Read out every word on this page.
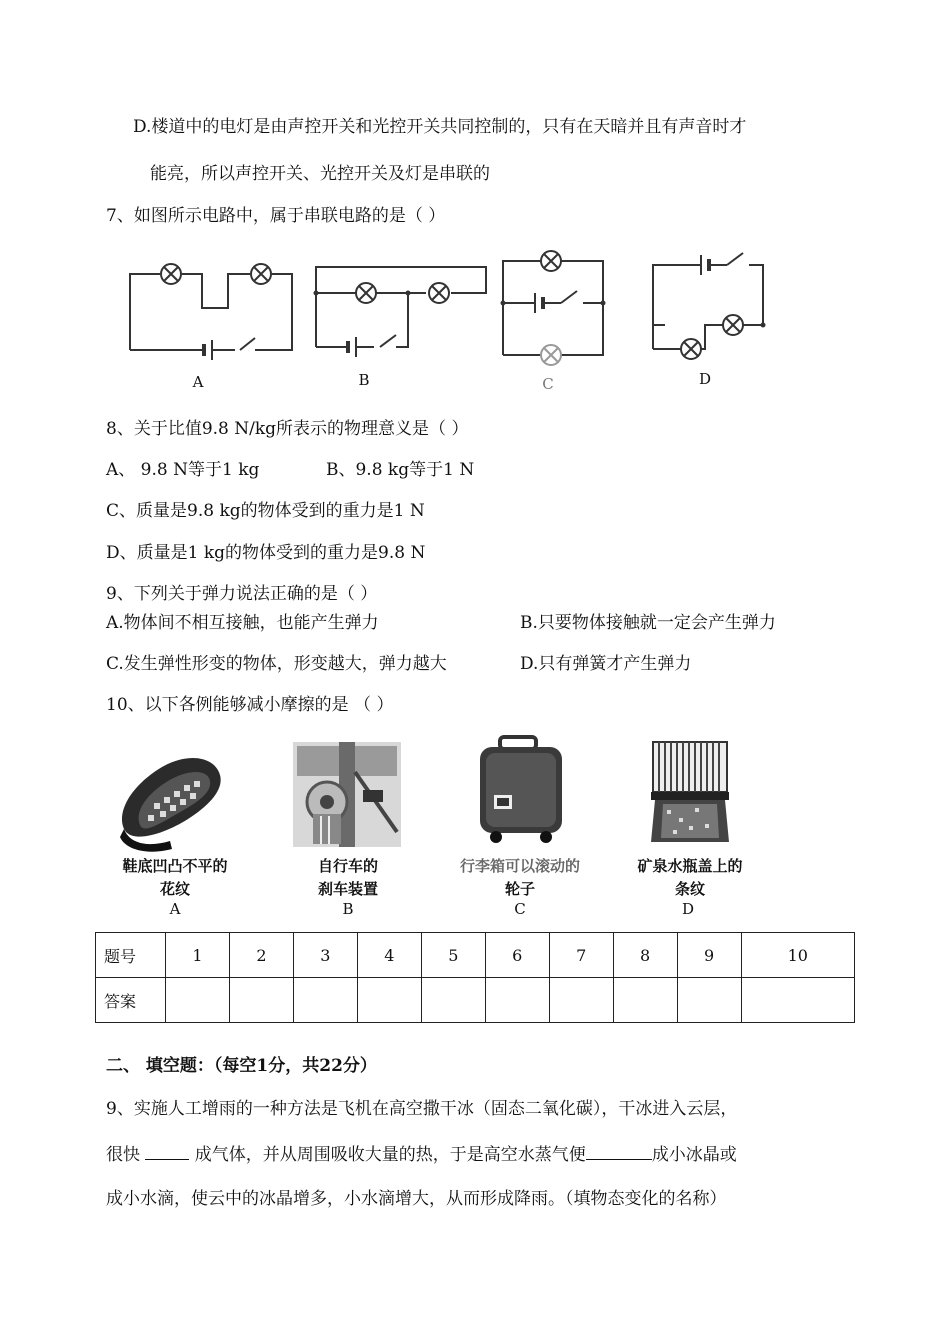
D.楼道中的电灯是由声控开关和光控开关共同控制的，只有在天暗并且有声音时才
能亮，所以声控开关、光控开关及灯是串联的
7、如图所示电路中，属于串联电路的是（ ）
A	B	C	D
8、关于比值9.8 N/kg所表示的物理意义是（ ）
A、 9.8 N等于1 kg	B、9.8 kg等于1 N
C、质量是9.8 kg的物体受到的重力是1 N
D、质量是1 kg的物体受到的重力是9.8 N
9、下列关于弹力说法正确的是（ ）
A.物体间不相互接触，也能产生弹力	B.只要物体接触就一定会产生弹力
C.发生弹性形变的物体，形变越大，弹力越大	D.只有弹簧才产生弹力
10、以下各例能够减小摩擦的是 （ ）
鞋底凹凸不平的
花纹
A
自行车的
刹车装置
B
行李箱可以滚动的
轮子
C
矿泉水瓶盖上的
条纹
D
题号	1	2	3	4	5	6	7	8	9	10
答案										
二、 填空题：（每空1分，共22分）
9、实施人工增雨的一种方法是飞机在高空撒干冰（固态二氧化碳），干冰进入云层，
很快	成气体，并从周围吸收大量的热，于是高空水蒸气便	成小冰晶或
成小水滴，使云中的冰晶增多，小水滴增大，从而形成降雨。（填物态变化的名称）
